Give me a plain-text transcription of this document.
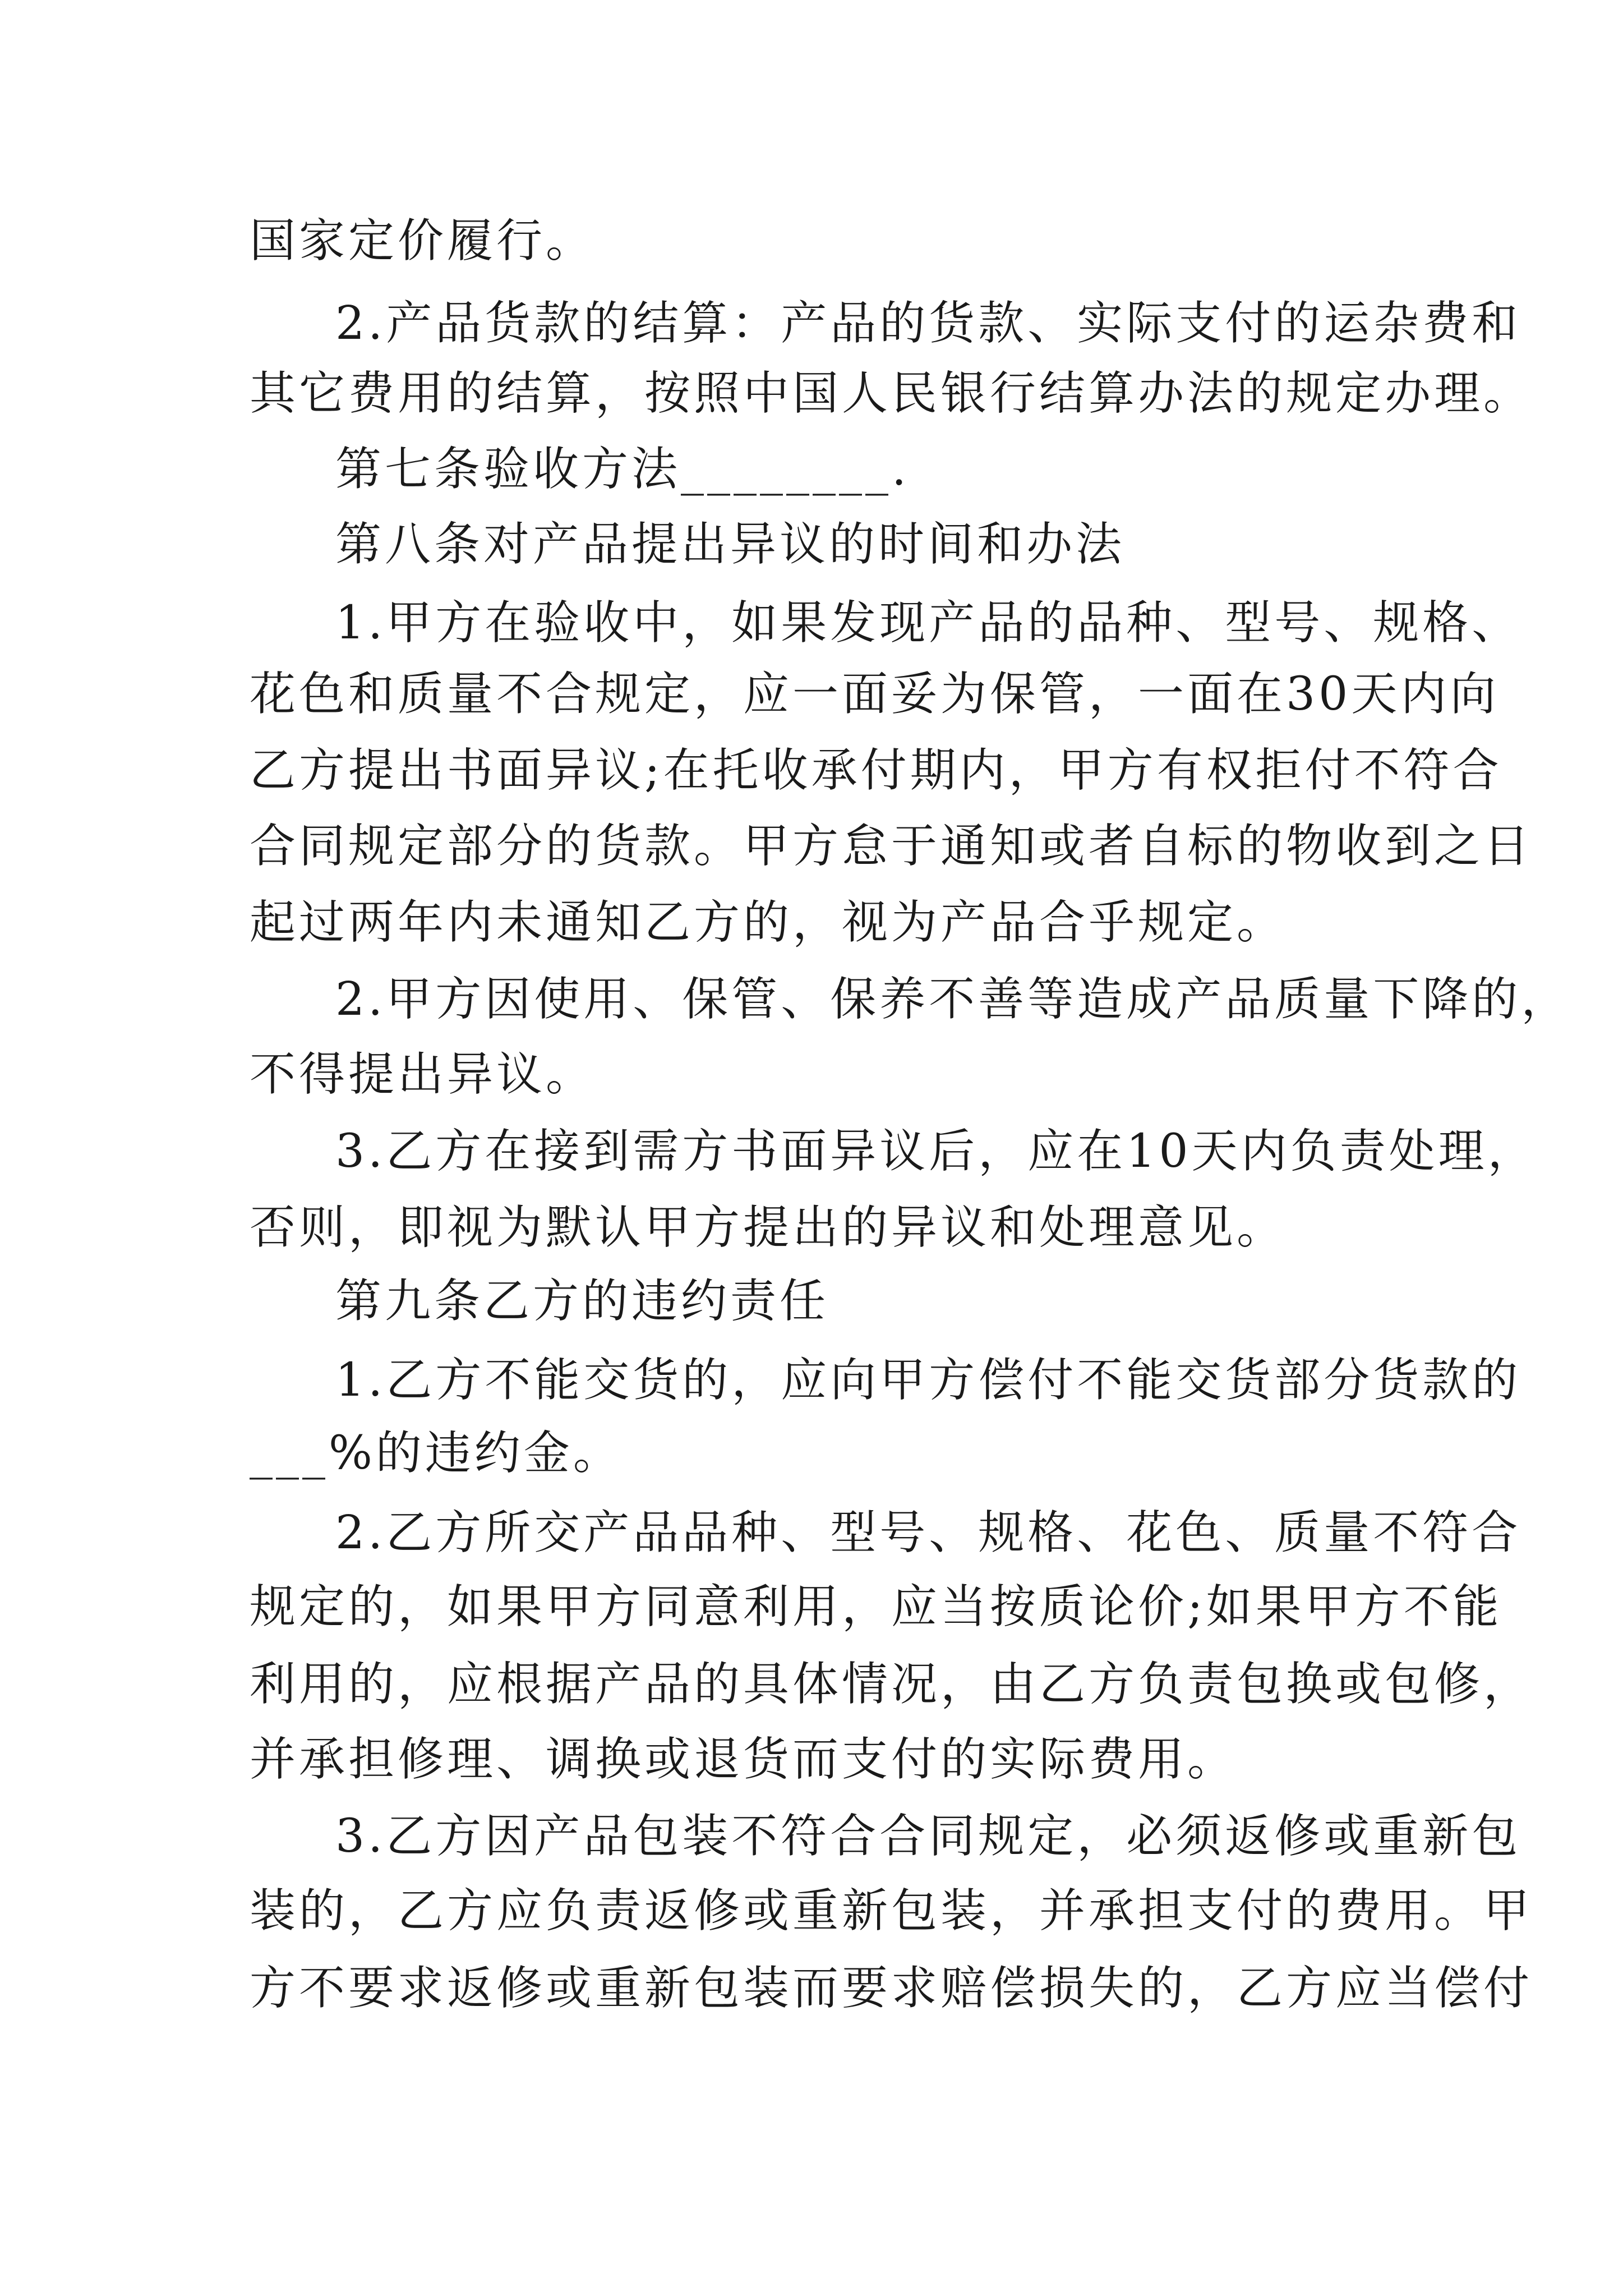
国家定价履行。
2.产品货款的结算：产品的货款、实际支付的运杂费和
其它费用的结算，按照中国人民银行结算办法的规定办理。
第七条验收方法________.
第八条对产品提出异议的时间和办法
1.甲方在验收中，如果发现产品的品种、型号、规格、
花色和质量不合规定，应一面妥为保管，一面在30天内向
乙方提出书面异议;在托收承付期内，甲方有权拒付不符合
合同规定部分的货款。甲方怠于通知或者自标的物收到之日
起过两年内未通知乙方的，视为产品合乎规定。
2.甲方因使用、保管、保养不善等造成产品质量下降的，
不得提出异议。
3.乙方在接到需方书面异议后，应在10天内负责处理，
否则，即视为默认甲方提出的异议和处理意见。
第九条乙方的违约责任
1.乙方不能交货的，应向甲方偿付不能交货部分货款的
___%的违约金。
2.乙方所交产品品种、型号、规格、花色、质量不符合
规定的，如果甲方同意利用，应当按质论价;如果甲方不能
利用的，应根据产品的具体情况，由乙方负责包换或包修，
并承担修理、调换或退货而支付的实际费用。
3.乙方因产品包装不符合合同规定，必须返修或重新包
装的，乙方应负责返修或重新包装，并承担支付的费用。甲
方不要求返修或重新包装而要求赔偿损失的，乙方应当偿付
